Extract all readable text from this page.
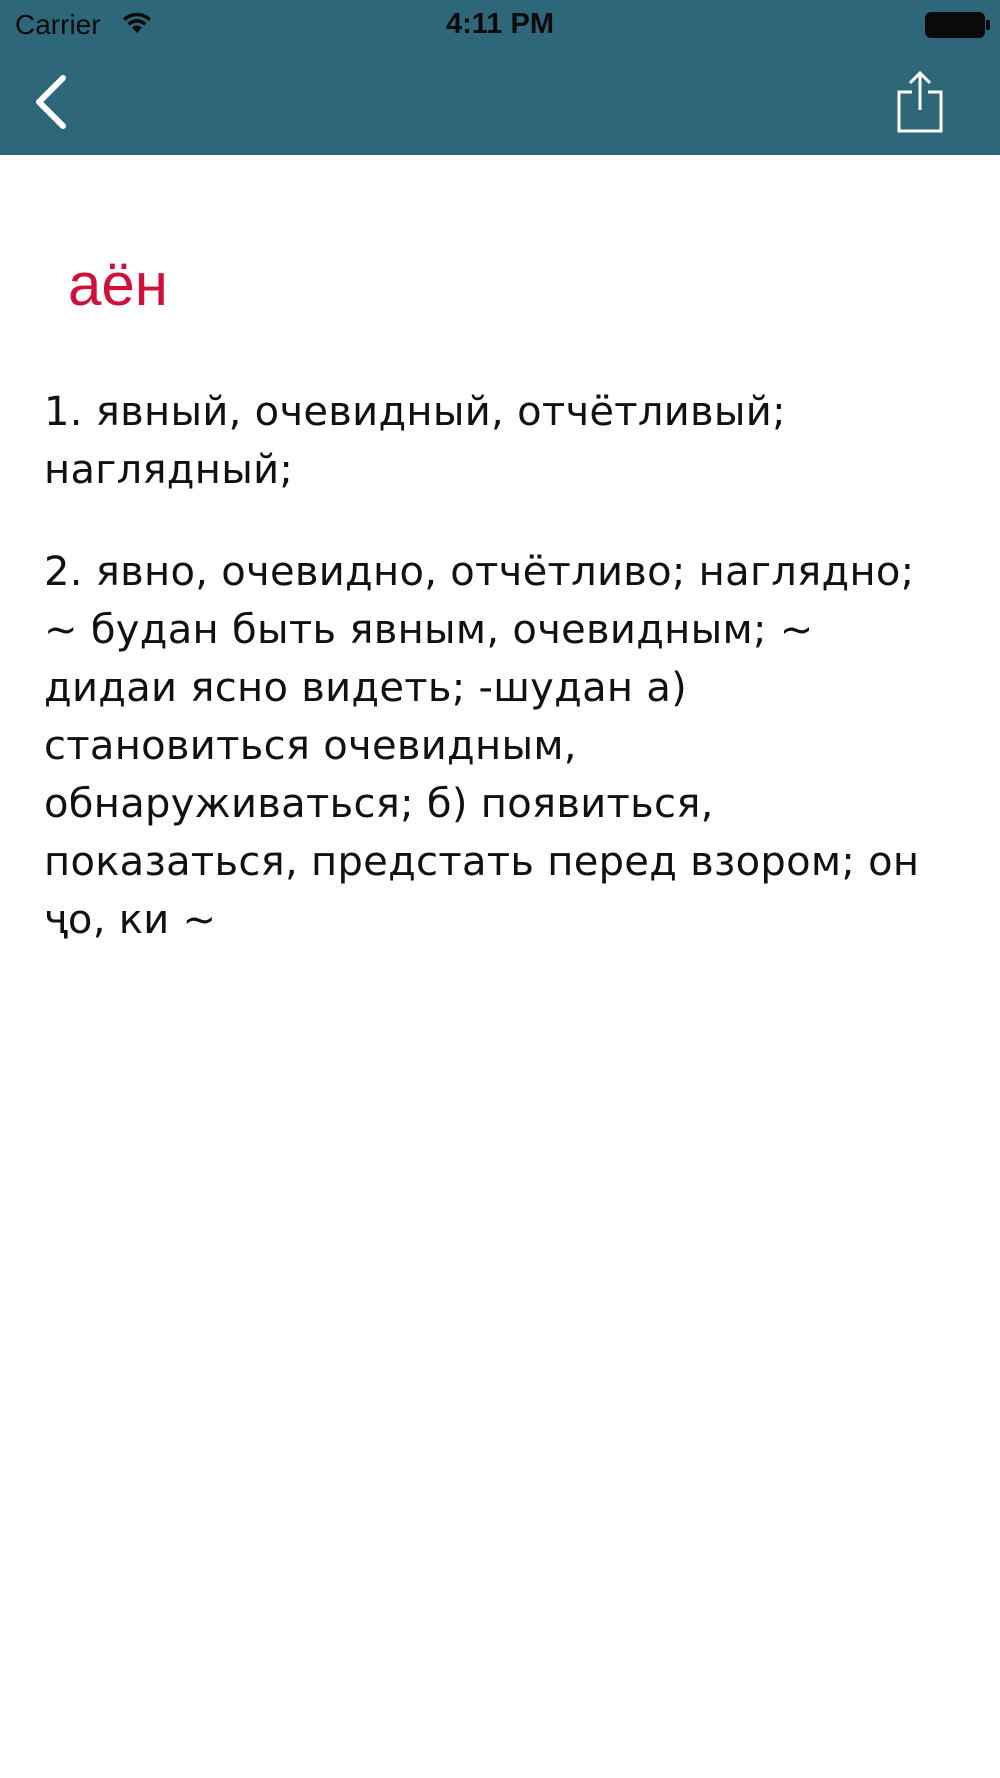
Carrier	4:11 PM
аён
1. явный, очевидный, отчётливый; наглядный;
2. явно, очевидно, отчётливо; наглядно; ~ будан быть явным, очевидным; ~ дидаи ясно видеть; -шудан а) становиться очевидным, обнаруживаться; б) появиться, показаться, предстать перед взором; он ҷо, ки ~
